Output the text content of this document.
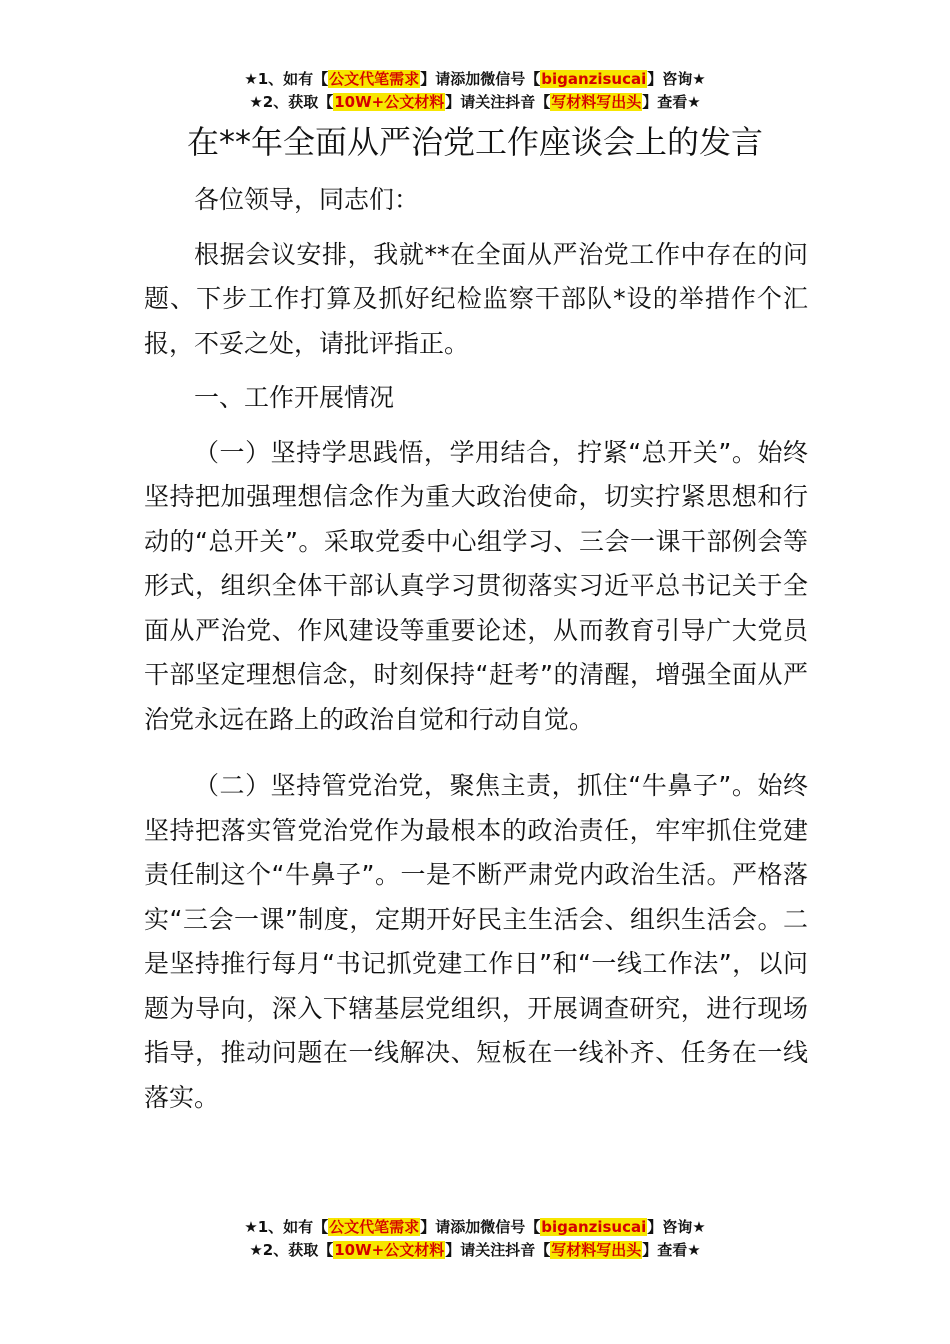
★1、如有【公文代笔需求】请添加微信号【biganzisucai】咨询★
★2、获取【10W+公文材料】请关注抖音【写材料写出头】查看★
在**年全面从严治党工作座谈会上的发言

各位领导，同志们：

根据会议安排，我就**在全面从严治党工作中存在的问题、下步工作打算及抓好纪检监察干部队*设的举措作个汇报，不妥之处，请批评指正。

一、工作开展情况

（一）坚持学思践悟，学用结合，拧紧“总开关”。始终坚持把加强理想信念作为重大政治使命，切实拧紧思想和行动的“总开关”。采取党委中心组学习、三会一课干部例会等形式，组织全体干部认真学习贯彻落实习近平总书记关于全面从严治党、作风建设等重要论述，从而教育引导广大党员干部坚定理想信念，时刻保持“赶考”的清醒，增强全面从严治党永远在路上的政治自觉和行动自觉。

（二）坚持管党治党，聚焦主责，抓住“牛鼻子”。始终坚持把落实管党治党作为最根本的政治责任，牢牢抓住党建责任制这个“牛鼻子”。一是不断严肃党内政治生活。严格落实“三会一课”制度，定期开好民主生活会、组织生活会。二是坚持推行每月“书记抓党建工作日”和“一线工作法”，以问题为导向，深入下辖基层党组织，开展调查研究，进行现场指导，推动问题在一线解决、短板在一线补齐、任务在一线落实。

★1、如有【公文代笔需求】请添加微信号【biganzisucai】咨询★
★2、获取【10W+公文材料】请关注抖音【写材料写出头】查看★
